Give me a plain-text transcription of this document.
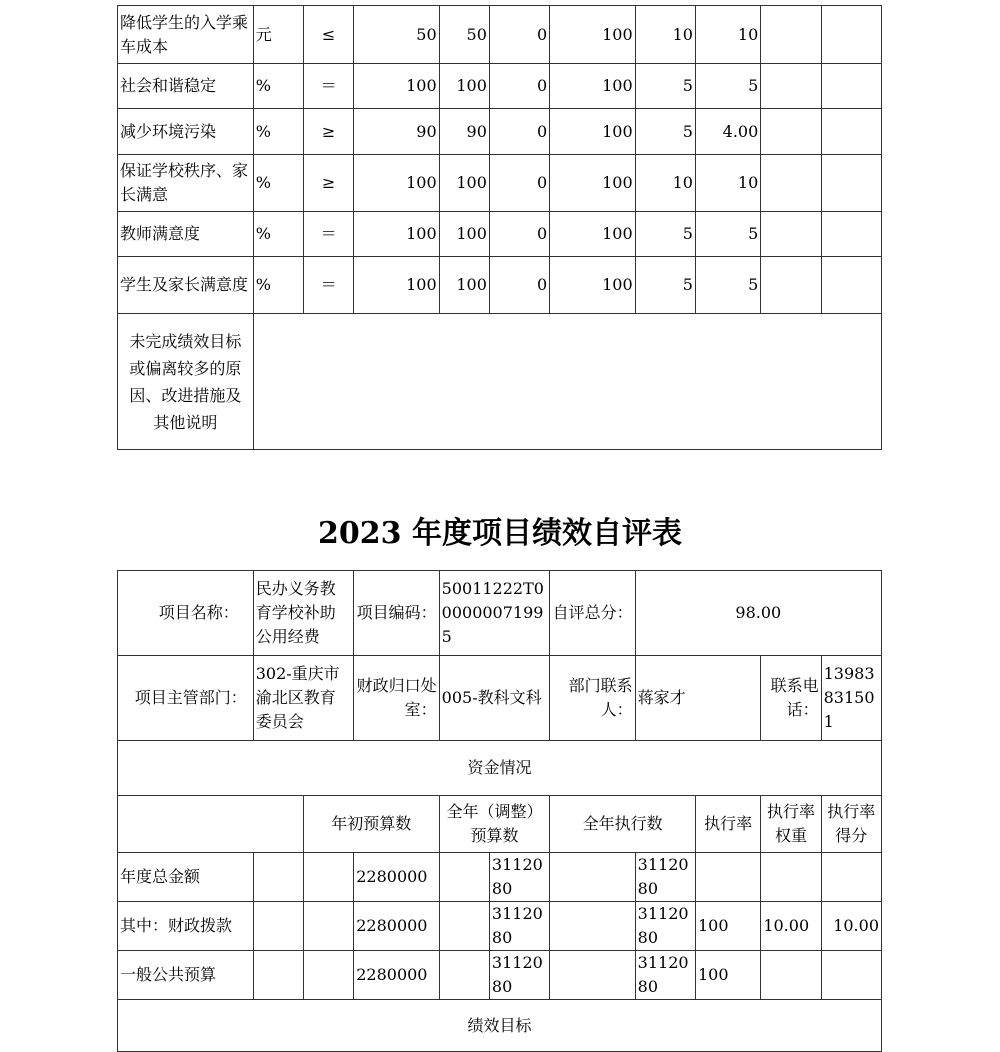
降低学生的入学乘车成本	元	≤	50	50	0	100	10	10		
社会和谐稳定	%	＝	100	100	0	100	5	5		
减少环境污染	%	≥	90	90	0	100	5	4.00		
保证学校秩序、家长满意	%	≥	100	100	0	100	10	10		
教师满意度	%	＝	100	100	0	100	5	5		
学生及家长满意度	%	＝	100	100	0	100	5	5		
未完成绩效目标或偏离较多的原因、改进措施及其他说明										
2023 年度项目绩效自评表
项目名称：	民办义务教育学校补助公用经费		项目编码：	50011222T000000071995		自评总分：	98.00			
项目主管部门：	302-重庆市渝北区教育委员会		财政归口处室：	005-教科文科		部门联系人：	蒋家才		联系电话：	13983831501
资金情况										
		年初预算数		全年（调整）预算数		全年执行数		执行率	执行率权重	执行率得分
年度总金额			2280000		3112080		3112080			
其中：财政拨款			2280000		3112080		3112080	100	10.00	10.00
一般公共预算			2280000		3112080		3112080	100		
绩效目标										
